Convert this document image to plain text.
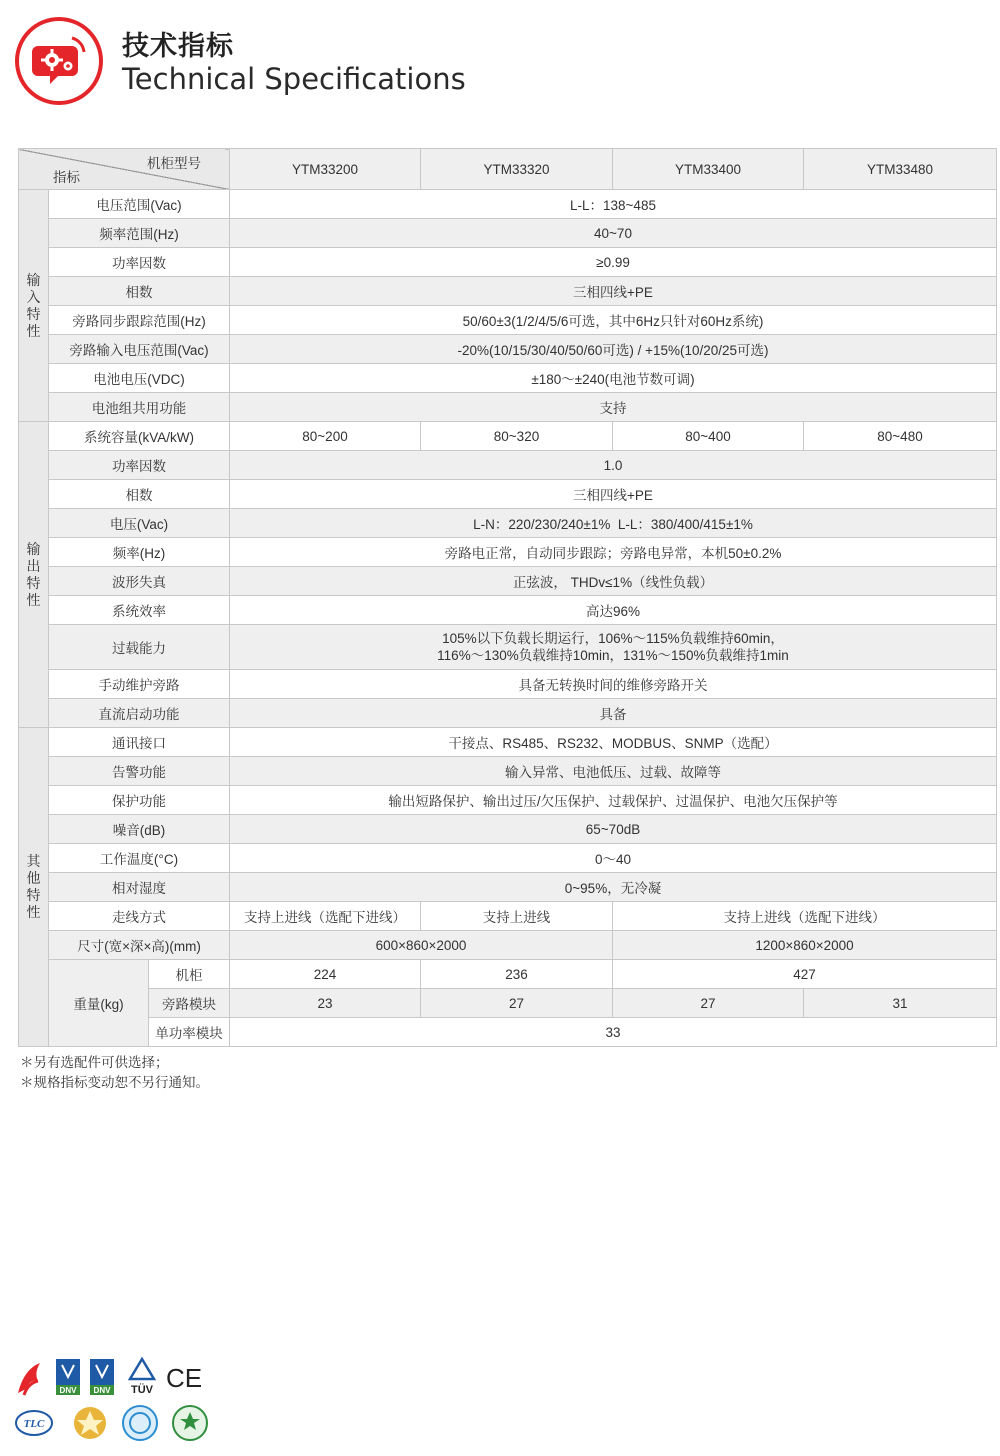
技术指标
Technical Specifications
机柜型号
指标			YTM33200	YTM33320	YTM33400	YTM33480

输入特性	电压范围(Vac)		L-L：138~485			
	频率范围(Hz)		40~70			
	功率因数		≥0.99			
	相数		三相四线+PE			
	旁路同步跟踪范围(Hz)		50/60±3(1/2/4/5/6可选，其中6Hz只针对60Hz系统)			
	旁路输入电压范围(Vac)		-20%(10/15/30/40/50/60可选) / +15%(10/20/25可选)			
	电池电压(VDC)		±180～±240(电池节数可调)			
	电池组共用功能		支持			

输出特性	系统容量(kVA/kW)		80~200	80~320	80~400	80~480
	功率因数		1.0			
	相数		三相四线+PE			
	电压(Vac)		L-N：220/230/240±1%  L-L：380/400/415±1%			
	频率(Hz)		旁路电正常，自动同步跟踪；旁路电异常，本机50±0.2%			
	波形失真		正弦波， THDv≤1%（线性负载）			
	系统效率		高达96%			
	过载能力		105%以下负载长期运行，106%～115%负载维持60min，
116%～130%负载维持10min，131%～150%负载维持1min			

	手动维护旁路		具备无转换时间的维修旁路开关			
	直流启动功能		具备			

其他特性	通讯接口		干接点、RS485、RS232、MODBUS、SNMP（选配）			
	告警功能		输入异常、电池低压、过载、故障等			
	保护功能		输出短路保护、输出过压/欠压保护、过载保护、过温保护、电池欠压保护等			
	噪音(dB)		65~70dB			
	工作温度(°C)		0～40			
	相对湿度		0~95%，无冷凝			
	走线方式		支持上进线（选配下进线）	支持上进线	支持上进线（选配下进线）	
	尺寸(宽×深×高)(mm)		600×860×2000		1200×860×2000	
	重量(kg)	机柜	224	236	427	
		旁路模块	23	27	27	31
		单功率模块	33			
＊另有选配件可供选择；
＊规格指标变动恕不另行通知。
DNV DNV TÜV CE
TLC
